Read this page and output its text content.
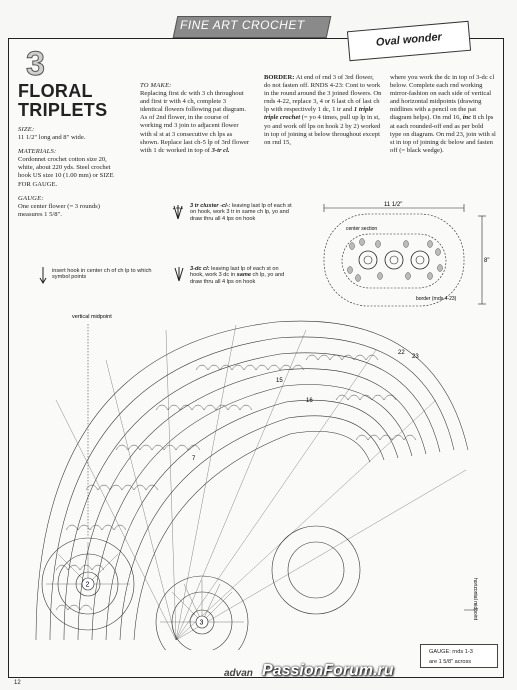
FINE ART CROCHET
Oval wonder
3
FLORAL
TRIPLETS
SIZE:
11 1/2" long and 8" wide.
MATERIALS:
Cordonnet crochet cotton size 20, white, about 220 yds. Steel crochet hook US size 10 (1.00 mm) or SIZE FOR GAUGE.
GAUGE:
One center flower (= 3 rounds) measures 1 5/8".
TO MAKE:
Replacing first dc with 3 ch throughout and first tr with 4 ch, complete 3 identical flowers following pat diagram. As of 2nd flower, in the course of working rnd 3 join to adjacent flower with sl st at 3 consecutive ch lps as shown. Replace last ch-5 lp of 3rd flower with 1 dc worked in top of 3-tr cl.
BORDER: At end of rnd 3 of 3rd flower, do not fasten off. RNDS 4-23: Cont to work in the round around the 3 joined flowers. On rnds 4-22, replace 3, 4 or 6 last ch of last ch lp with respectively 1 dc, 1 tr and 1 triple triple crochet (= yo 4 times, pull up lp in st, yo and work off lps on hook 2 by 2) worked in top of joining st below throughout except on rnd 15,
where you work the dc in top of 3-dc cl below. Complete each rnd working mirror-fashion on each side of vertical and horizontal midpoints (drawing midlines with a pencil on the pat diagram helps). On rnd 16, inc 8 ch lps at each rounded-off end as per bold type on diagram. On rnd 23, join with sl st in top of joining dc below and fasten off (= black wedge).
3 tr cluster -cl-: leaving last lp of each st on hook, work 3 tr in same ch lp, yo and draw thru all 4 lps on hook
3-dc cl: leaving last lp of each st on hook, work 3 dc in same ch lp, yo and draw thru all 4 lps on hook
insert hook in center ch of ch lp to which symbol points
11 1/2"
8"
center section
border (rnds 4-23)
vertical midpoint
horizontal midpoint
22
23
15
16
7
2
3
GAUGE: rnds 1-3
are 1 5/8" across
advan PassionForum.ru
12
